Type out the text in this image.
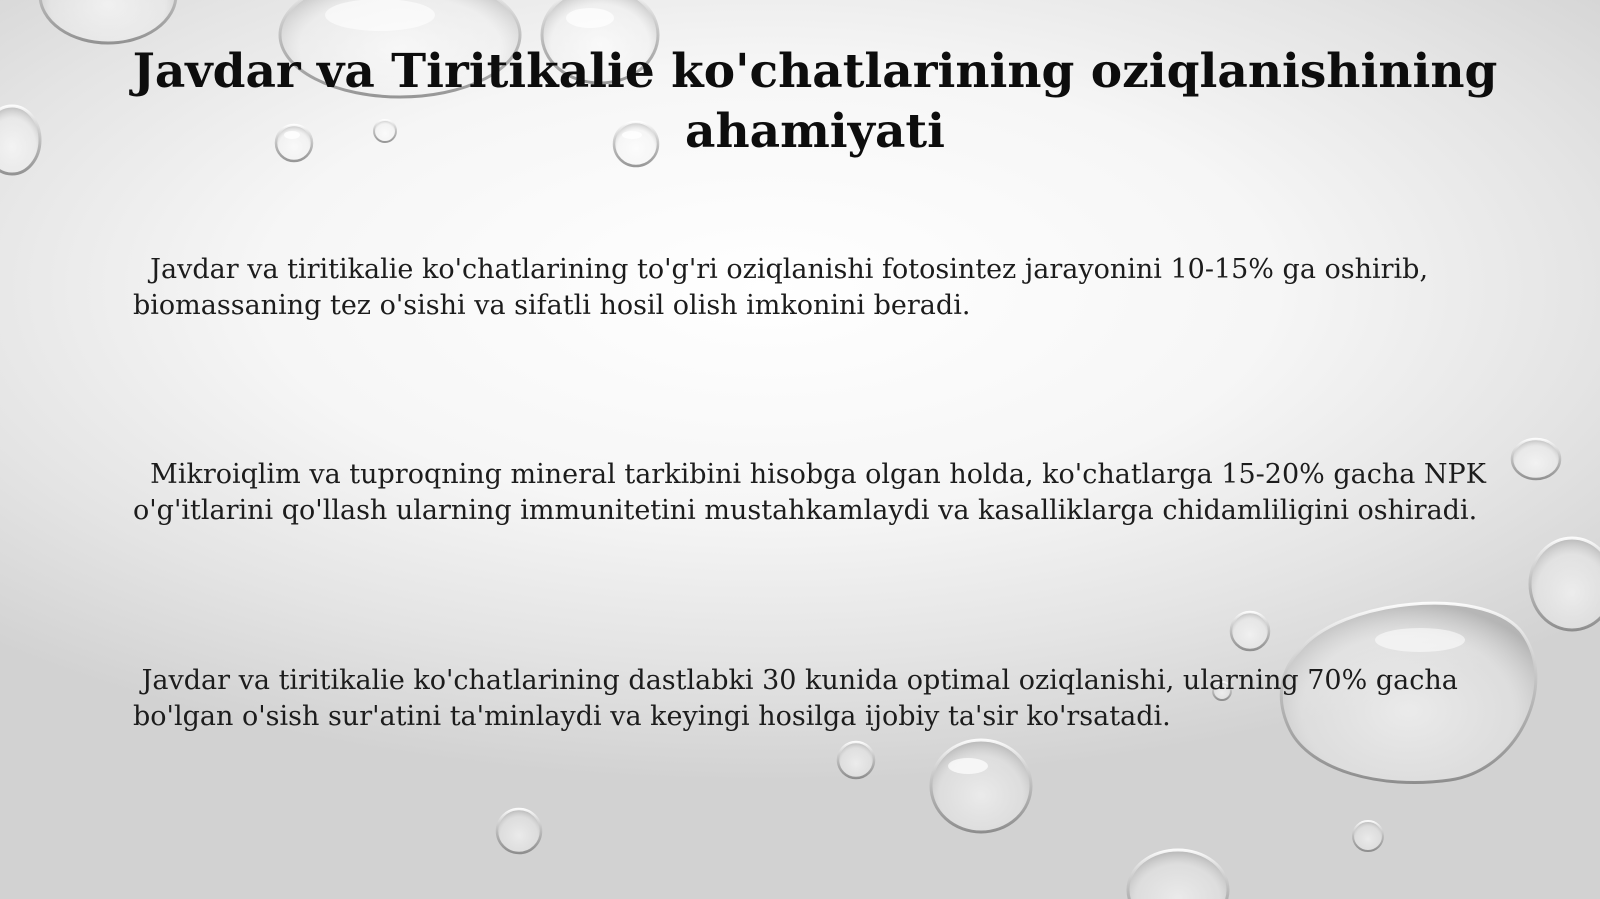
Javdar va Tiritikalie ko'chatlarining oziqlanishining ahamiyati

Javdar va tiritikalie ko'chatlarining to'g'ri oziqlanishi fotosintez jarayonini 10-15% ga oshirib, biomassaning tez o'sishi va sifatli hosil olish imkonini beradi.

Mikroiqlim va tuproqning mineral tarkibini hisobga olgan holda, ko'chatlarga 15-20% gacha NPK o'g'itlarini qo'llash ularning immunitetini mustahkamlaydi va kasalliklarga chidamliligini oshiradi.

Javdar va tiritikalie ko'chatlarining dastlabki 30 kunida optimal oziqlanishi, ularning 70% gacha bo'lgan o'sish sur'atini ta'minlaydi va keyingi hosilga ijobiy ta'sir ko'rsatadi.
